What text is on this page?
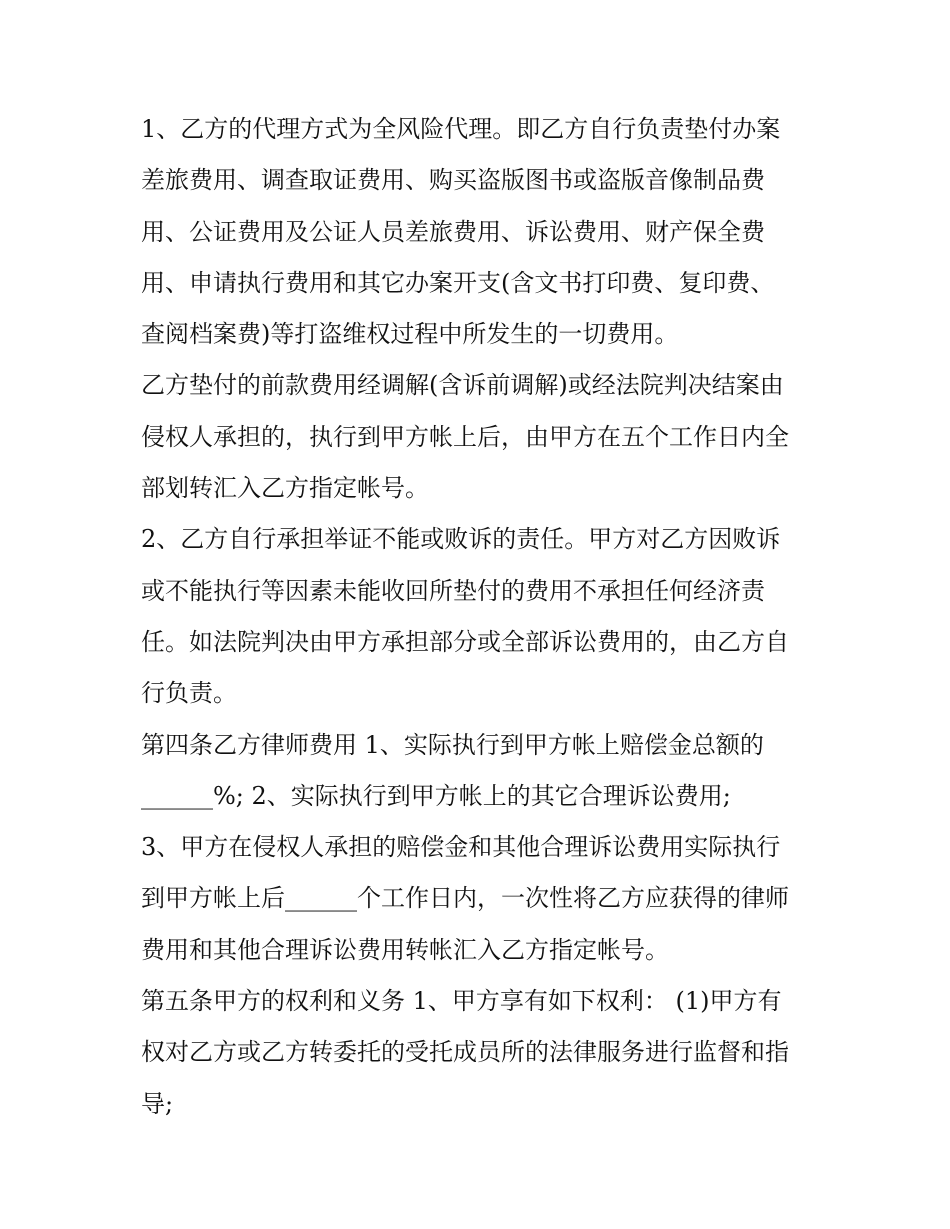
1、乙方的代理方式为全风险代理。即乙方自行负责垫付办案
差旅费用、调查取证费用、购买盗版图书或盗版音像制品费
用、公证费用及公证人员差旅费用、诉讼费用、财产保全费
用、申请执行费用和其它办案开支(含文书打印费、复印费、
查阅档案费)等打盗维权过程中所发生的一切费用。
乙方垫付的前款费用经调解(含诉前调解)或经法院判决结案由
侵权人承担的，执行到甲方帐上后，由甲方在五个工作日内全
部划转汇入乙方指定帐号。
2、乙方自行承担举证不能或败诉的责任。甲方对乙方因败诉
或不能执行等因素未能收回所垫付的费用不承担任何经济责
任。如法院判决由甲方承担部分或全部诉讼费用的，由乙方自
行负责。
第四条乙方律师费用 1、实际执行到甲方帐上赔偿金总额的
______%; 2、实际执行到甲方帐上的其它合理诉讼费用;
3、甲方在侵权人承担的赔偿金和其他合理诉讼费用实际执行
到甲方帐上后______个工作日内，一次性将乙方应获得的律师
费用和其他合理诉讼费用转帐汇入乙方指定帐号。
第五条甲方的权利和义务 1、甲方享有如下权利： (1)甲方有
权对乙方或乙方转委托的受托成员所的法律服务进行监督和指
导;
